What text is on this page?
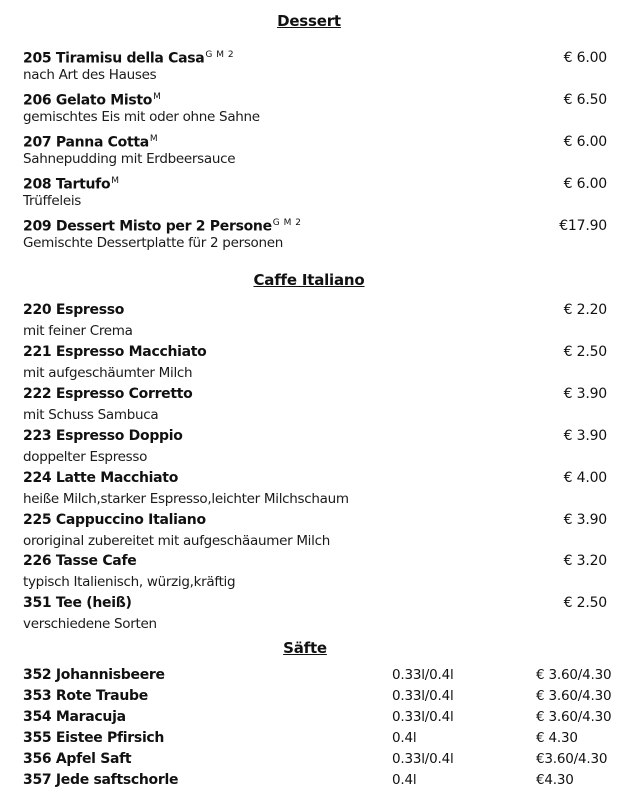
Dessert
205 Tiramisu della Casa$^{G M 2}$
nach Art des Hauses
€ 6.00
206 Gelato Misto$^M$
gemischtes Eis mit oder ohne Sahne
€ 6.50
207 Panna Cotta$^M$
Sahnepudding mit Erdbeersauce
€ 6.00
208 Tartufo$^M$
Trüffeleis
€ 6.00
209 Dessert Misto per 2 Persone$^{G M 2}$
Gemischte Dessertplatte für 2 personen
€17.90
Caffe Italiano
220 Espresso
mit feiner Crema
€ 2.20
221 Espresso Macchiato
mit aufgeschäumter Milch
€ 2.50
222 Espresso Corretto
mit Schuss Sambuca
€ 3.90
223 Espresso Doppio
doppelter Espresso
€ 3.90
224 Latte Macchiato
heiße Milch,starker Espresso,leichter Milchschaum
€ 4.00
225 Cappuccino Italiano
ororiginal zubereitet mit aufgeschäaumer Milch
€ 3.90
226 Tasse Cafe
typisch Italienisch, würzig,kräftig
€ 3.20
351 Tee (heiß)
verschiedene Sorten
€ 2.50
Säfte
352 Johannisbeere	0.33l/0.4l	€ 3.60/4.30
353 Rote Traube	0.33l/0.4l	€ 3.60/4.30
354 Maracuja	0.33l/0.4l	€ 3.60/4.30
355 Eistee Pfirsich	0.4l	€ 4.30
356 Apfel Saft	0.33l/0.4l	€3.60/4.30
357 Jede saftschorle	0.4l	€4.30
